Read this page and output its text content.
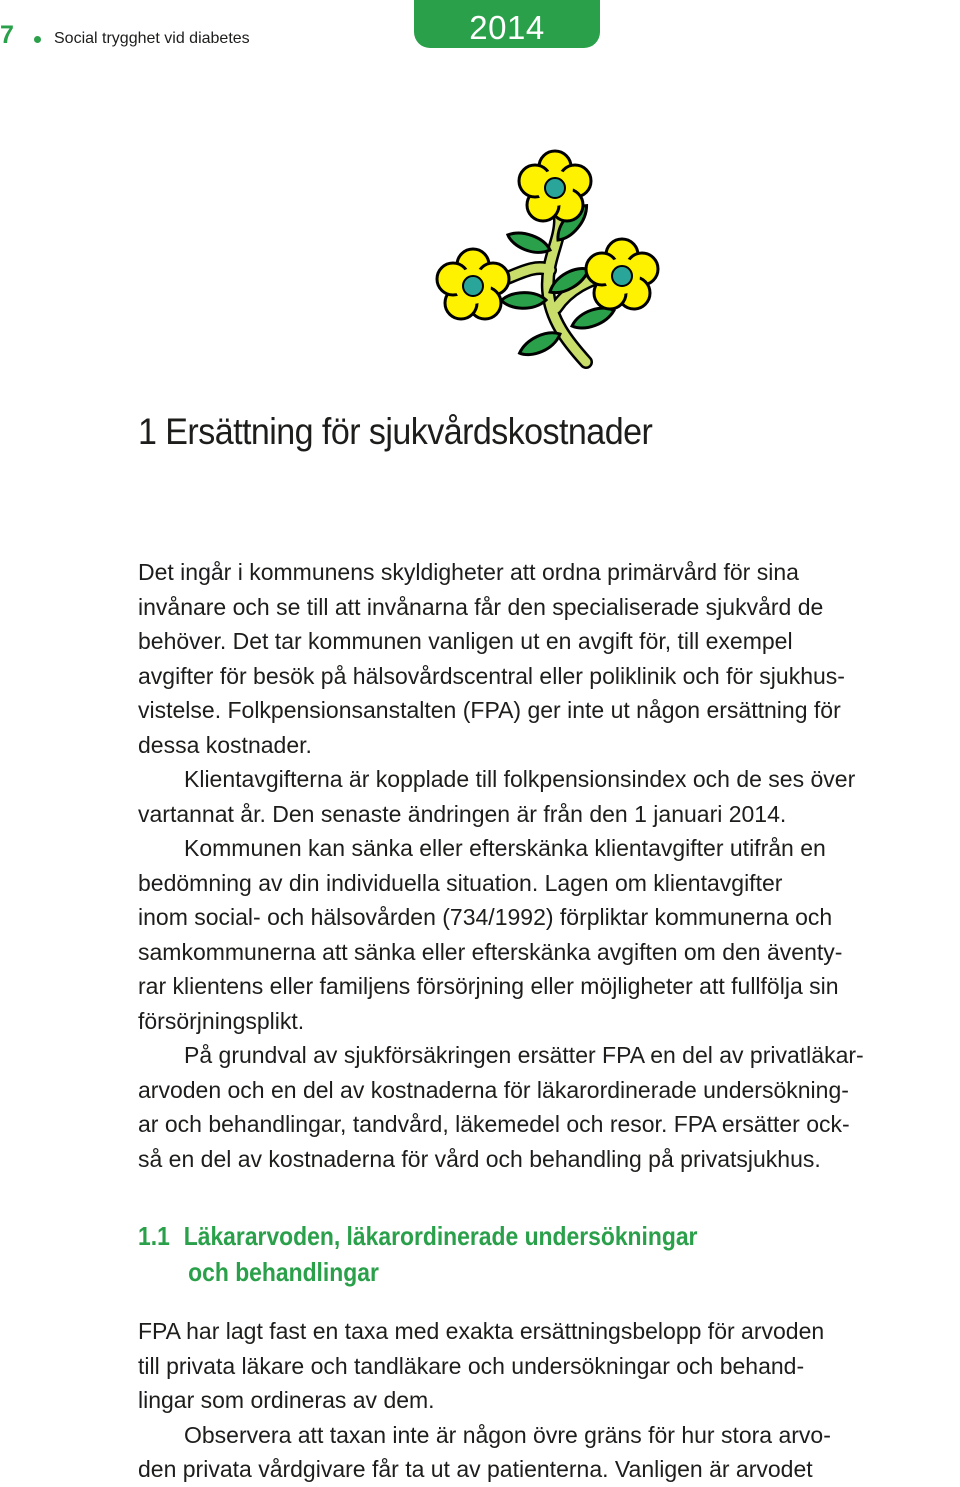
7	Social trygghet vid diabetes	2014
1 Ersättning för sjukvårdskostnader

Det ingår i kommunens skyldigheter att ordna primärvård för sina
invånare och se till att invånarna får den specialiserade sjukvård de
behöver. Det tar kommunen vanligen ut en avgift för, till exempel
avgifter för besök på hälsovårdscentral eller poliklinik och för sjukhus-
vistelse. Folkpensionsanstalten (FPA) ger inte ut någon ersättning för
dessa kostnader.

Klientavgifterna är kopplade till folkpensionsindex och de ses över
vartannat år. Den senaste ändringen är från den 1 januari 2014.

Kommunen kan sänka eller efterskänka klientavgifter utifrån en
bedömning av din individuella situation. Lagen om klientavgifter
inom social- och hälsovården (734/1992) förpliktar kommunerna och
samkommunerna att sänka eller efterskänka avgiften om den äventy-
rar klientens eller familjens försörjning eller möjligheter att fullfölja sin
försörjningsplikt.

På grundval av sjukförsäkringen ersätter FPA en del av privatläkar-
arvoden och en del av kostnaderna för läkarordinerade undersökning-
ar och behandlingar, tandvård, läkemedel och resor. FPA ersätter ock-
så en del av kostnaderna för vård och behandling på privatsjukhus.

1.1 Läkararvoden, läkarordinerade undersökningar
och behandlingar

FPA har lagt fast en taxa med exakta ersättningsbelopp för arvoden
till privata läkare och tandläkare och undersökningar och behand-
lingar som ordineras av dem.

Observera att taxan inte är någon övre gräns för hur stora arvo-
den privata vårdgivare får ta ut av patienterna. Vanligen är arvodet
